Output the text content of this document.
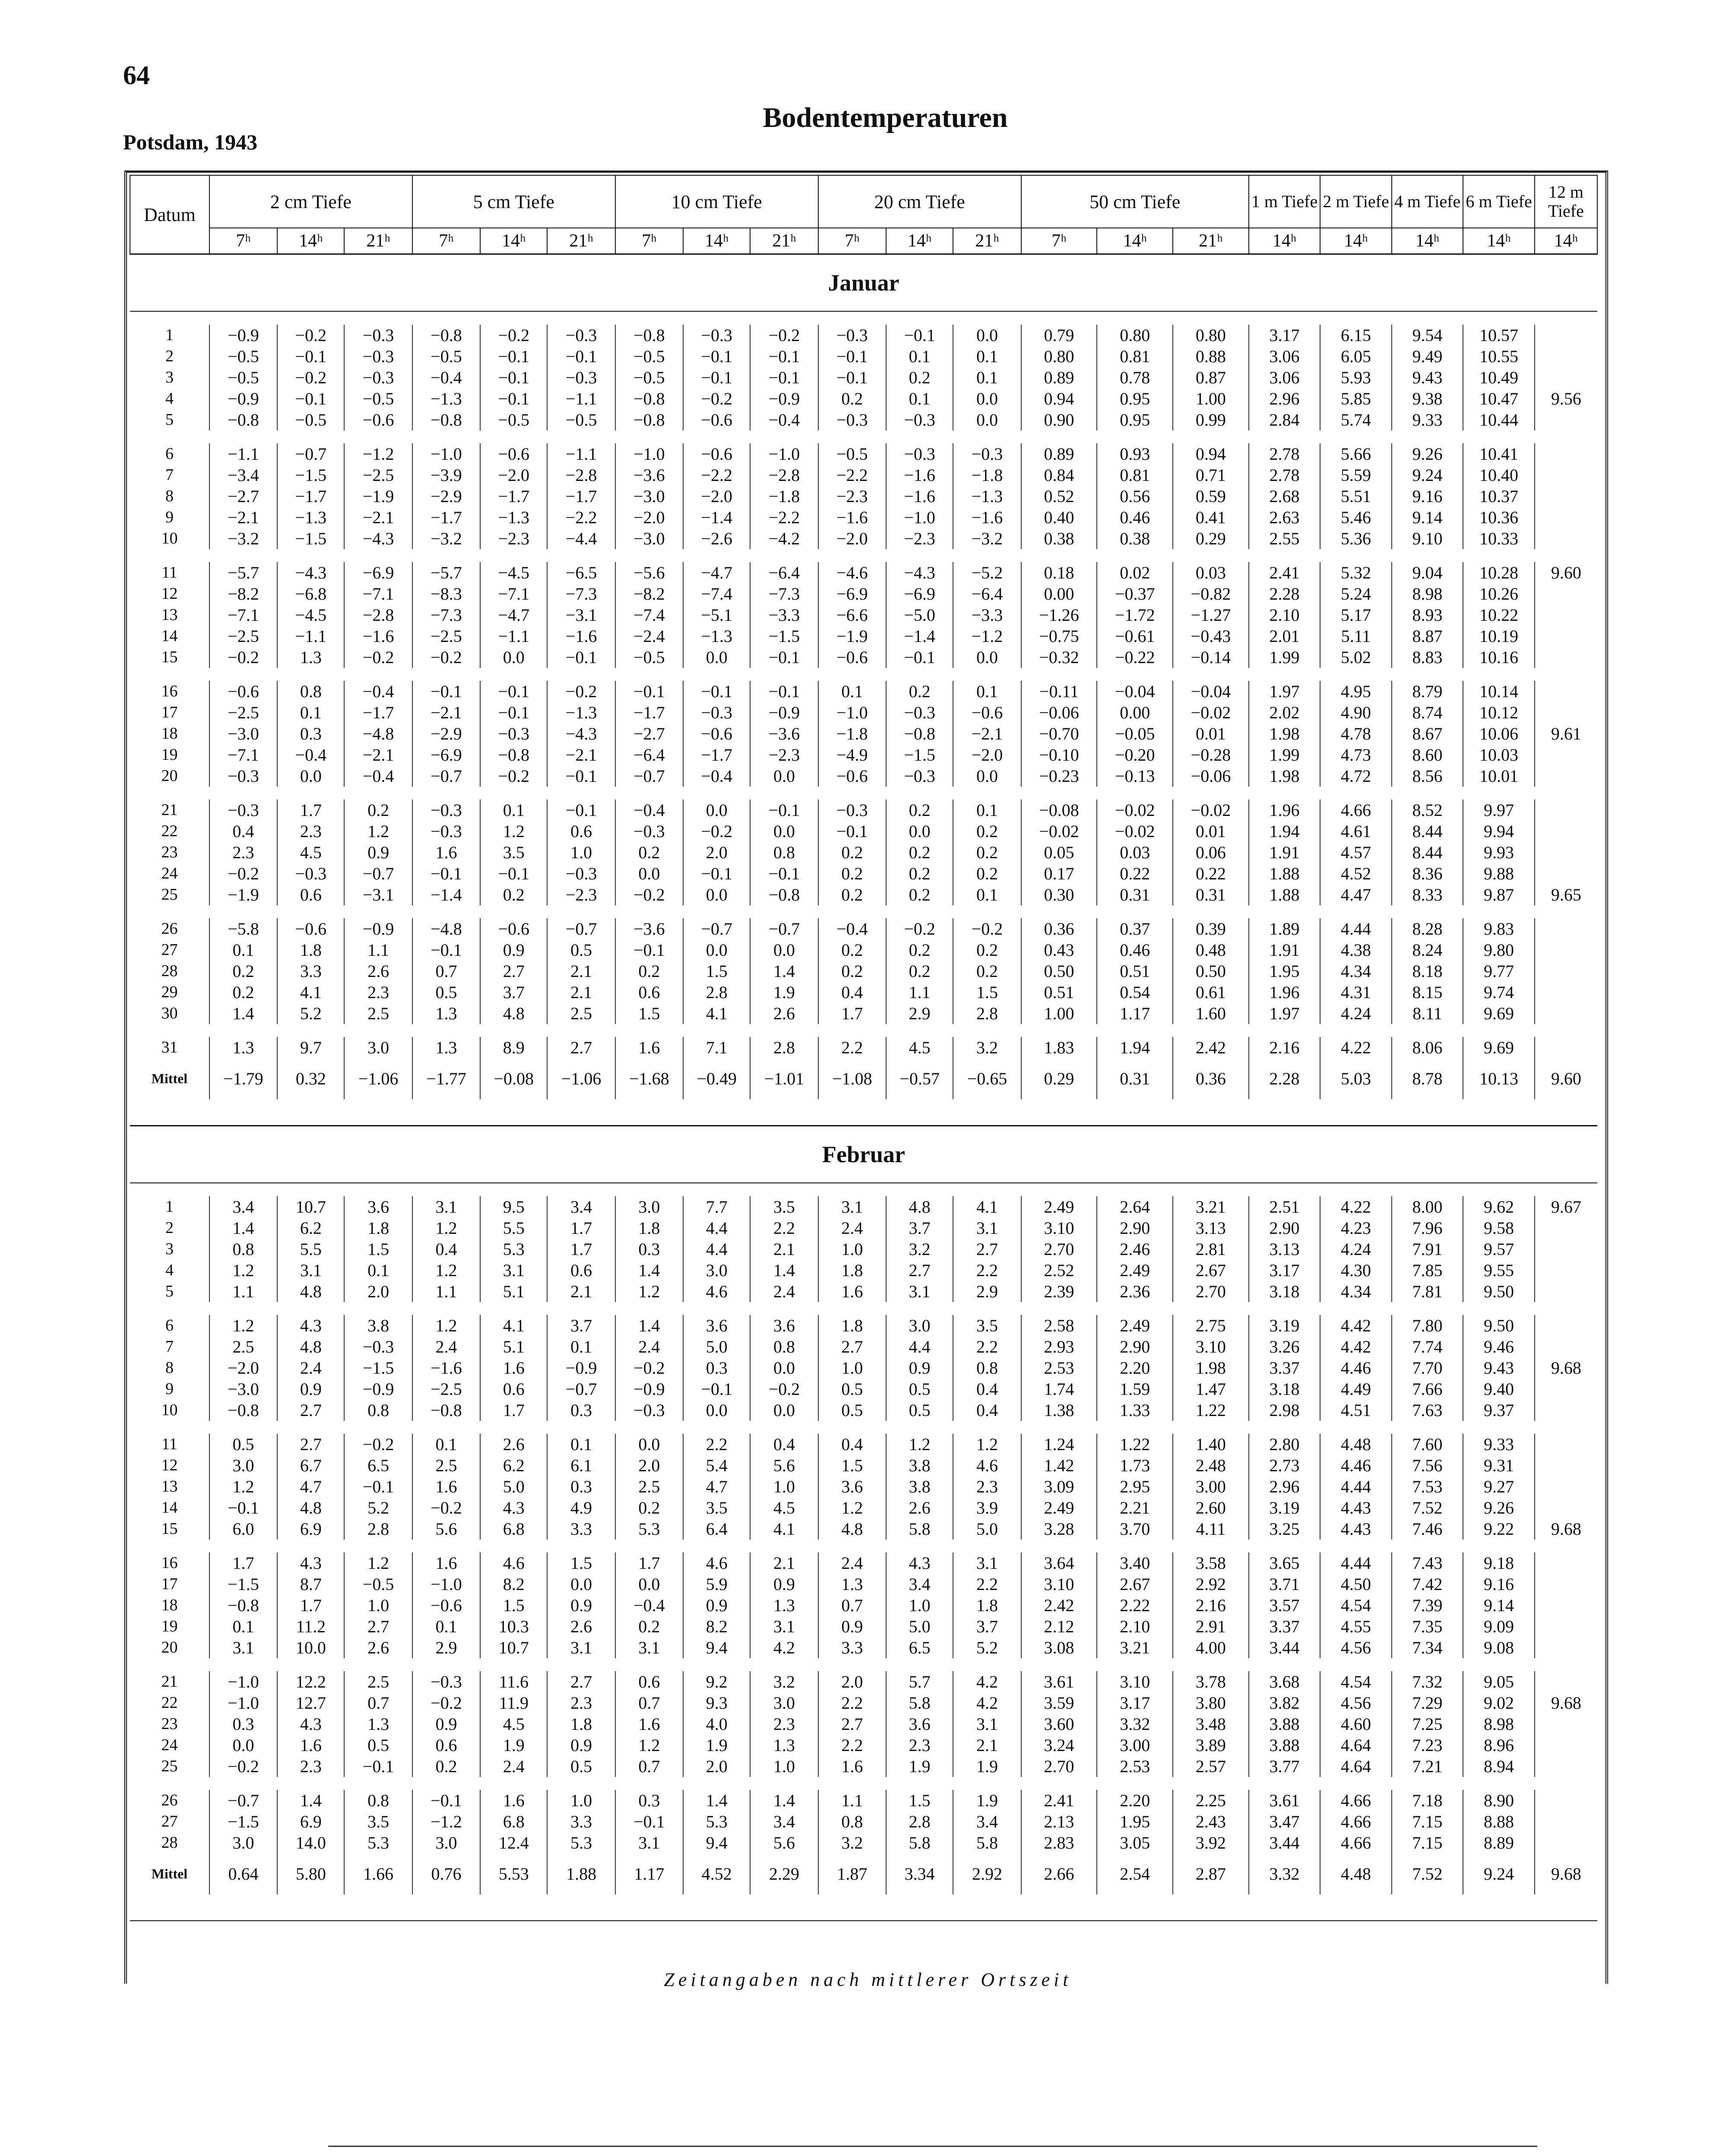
64
Bodentemperaturen
Potsdam, 1943
Datum	2 cm Tiefe			5 cm Tiefe			10 cm Tiefe			20 cm Tiefe			50 cm Tiefe			1 m Tiefe	2 m Tiefe	4 m Tiefe	6 m Tiefe	12 m Tiefe
	7ʰ	14ʰ	21ʰ	7ʰ	14ʰ	21ʰ	7ʰ	14ʰ	21ʰ	7ʰ	14ʰ	21ʰ	7ʰ	14ʰ	21ʰ	14ʰ	14ʰ	14ʰ	14ʰ	14ʰ
Januar																				

1	−0.9	−0.2	−0.3	−0.8	−0.2	−0.3	−0.8	−0.3	−0.2	−0.3	−0.1	0.0	0.79	0.80	0.80	3.17	6.15	9.54	10.57	
2	−0.5	−0.1	−0.3	−0.5	−0.1	−0.1	−0.5	−0.1	−0.1	−0.1	0.1	0.1	0.80	0.81	0.88	3.06	6.05	9.49	10.55	
3	−0.5	−0.2	−0.3	−0.4	−0.1	−0.3	−0.5	−0.1	−0.1	−0.1	0.2	0.1	0.89	0.78	0.87	3.06	5.93	9.43	10.49	
4	−0.9	−0.1	−0.5	−1.3	−0.1	−1.1	−0.8	−0.2	−0.9	0.2	0.1	0.0	0.94	0.95	1.00	2.96	5.85	9.38	10.47	9.56
5	−0.8	−0.5	−0.6	−0.8	−0.5	−0.5	−0.8	−0.6	−0.4	−0.3	−0.3	0.0	0.90	0.95	0.99	2.84	5.74	9.33	10.44	

6	−1.1	−0.7	−1.2	−1.0	−0.6	−1.1	−1.0	−0.6	−1.0	−0.5	−0.3	−0.3	0.89	0.93	0.94	2.78	5.66	9.26	10.41	
7	−3.4	−1.5	−2.5	−3.9	−2.0	−2.8	−3.6	−2.2	−2.8	−2.2	−1.6	−1.8	0.84	0.81	0.71	2.78	5.59	9.24	10.40	
8	−2.7	−1.7	−1.9	−2.9	−1.7	−1.7	−3.0	−2.0	−1.8	−2.3	−1.6	−1.3	0.52	0.56	0.59	2.68	5.51	9.16	10.37	
9	−2.1	−1.3	−2.1	−1.7	−1.3	−2.2	−2.0	−1.4	−2.2	−1.6	−1.0	−1.6	0.40	0.46	0.41	2.63	5.46	9.14	10.36	
10	−3.2	−1.5	−4.3	−3.2	−2.3	−4.4	−3.0	−2.6	−4.2	−2.0	−2.3	−3.2	0.38	0.38	0.29	2.55	5.36	9.10	10.33	

11	−5.7	−4.3	−6.9	−5.7	−4.5	−6.5	−5.6	−4.7	−6.4	−4.6	−4.3	−5.2	0.18	0.02	0.03	2.41	5.32	9.04	10.28	9.60
12	−8.2	−6.8	−7.1	−8.3	−7.1	−7.3	−8.2	−7.4	−7.3	−6.9	−6.9	−6.4	0.00	−0.37	−0.82	2.28	5.24	8.98	10.26	
13	−7.1	−4.5	−2.8	−7.3	−4.7	−3.1	−7.4	−5.1	−3.3	−6.6	−5.0	−3.3	−1.26	−1.72	−1.27	2.10	5.17	8.93	10.22	
14	−2.5	−1.1	−1.6	−2.5	−1.1	−1.6	−2.4	−1.3	−1.5	−1.9	−1.4	−1.2	−0.75	−0.61	−0.43	2.01	5.11	8.87	10.19	
15	−0.2	1.3	−0.2	−0.2	0.0	−0.1	−0.5	0.0	−0.1	−0.6	−0.1	0.0	−0.32	−0.22	−0.14	1.99	5.02	8.83	10.16	

16	−0.6	0.8	−0.4	−0.1	−0.1	−0.2	−0.1	−0.1	−0.1	0.1	0.2	0.1	−0.11	−0.04	−0.04	1.97	4.95	8.79	10.14	
17	−2.5	0.1	−1.7	−2.1	−0.1	−1.3	−1.7	−0.3	−0.9	−1.0	−0.3	−0.6	−0.06	0.00	−0.02	2.02	4.90	8.74	10.12	
18	−3.0	0.3	−4.8	−2.9	−0.3	−4.3	−2.7	−0.6	−3.6	−1.8	−0.8	−2.1	−0.70	−0.05	0.01	1.98	4.78	8.67	10.06	9.61
19	−7.1	−0.4	−2.1	−6.9	−0.8	−2.1	−6.4	−1.7	−2.3	−4.9	−1.5	−2.0	−0.10	−0.20	−0.28	1.99	4.73	8.60	10.03	
20	−0.3	0.0	−0.4	−0.7	−0.2	−0.1	−0.7	−0.4	0.0	−0.6	−0.3	0.0	−0.23	−0.13	−0.06	1.98	4.72	8.56	10.01	

21	−0.3	1.7	0.2	−0.3	0.1	−0.1	−0.4	0.0	−0.1	−0.3	0.2	0.1	−0.08	−0.02	−0.02	1.96	4.66	8.52	9.97	
22	0.4	2.3	1.2	−0.3	1.2	0.6	−0.3	−0.2	0.0	−0.1	0.0	0.2	−0.02	−0.02	0.01	1.94	4.61	8.44	9.94	
23	2.3	4.5	0.9	1.6	3.5	1.0	0.2	2.0	0.8	0.2	0.2	0.2	0.05	0.03	0.06	1.91	4.57	8.44	9.93	
24	−0.2	−0.3	−0.7	−0.1	−0.1	−0.3	0.0	−0.1	−0.1	0.2	0.2	0.2	0.17	0.22	0.22	1.88	4.52	8.36	9.88	
25	−1.9	0.6	−3.1	−1.4	0.2	−2.3	−0.2	0.0	−0.8	0.2	0.2	0.1	0.30	0.31	0.31	1.88	4.47	8.33	9.87	9.65

26	−5.8	−0.6	−0.9	−4.8	−0.6	−0.7	−3.6	−0.7	−0.7	−0.4	−0.2	−0.2	0.36	0.37	0.39	1.89	4.44	8.28	9.83	
27	0.1	1.8	1.1	−0.1	0.9	0.5	−0.1	0.0	0.0	0.2	0.2	0.2	0.43	0.46	0.48	1.91	4.38	8.24	9.80	
28	0.2	3.3	2.6	0.7	2.7	2.1	0.2	1.5	1.4	0.2	0.2	0.2	0.50	0.51	0.50	1.95	4.34	8.18	9.77	
29	0.2	4.1	2.3	0.5	3.7	2.1	0.6	2.8	1.9	0.4	1.1	1.5	0.51	0.54	0.61	1.96	4.31	8.15	9.74	
30	1.4	5.2	2.5	1.3	4.8	2.5	1.5	4.1	2.6	1.7	2.9	2.8	1.00	1.17	1.60	1.97	4.24	8.11	9.69	

31	1.3	9.7	3.0	1.3	8.9	2.7	1.6	7.1	2.8	2.2	4.5	3.2	1.83	1.94	2.42	2.16	4.22	8.06	9.69	
Mittel	−1.79	0.32	−1.06	−1.77	−0.08	−1.06	−1.68	−0.49	−1.01	−1.08	−0.57	−0.65	0.29	0.31	0.36	2.28	5.03	8.78	10.13	9.60

Februar																				

1	3.4	10.7	3.6	3.1	9.5	3.4	3.0	7.7	3.5	3.1	4.8	4.1	2.49	2.64	3.21	2.51	4.22	8.00	9.62	9.67
2	1.4	6.2	1.8	1.2	5.5	1.7	1.8	4.4	2.2	2.4	3.7	3.1	3.10	2.90	3.13	2.90	4.23	7.96	9.58	
3	0.8	5.5	1.5	0.4	5.3	1.7	0.3	4.4	2.1	1.0	3.2	2.7	2.70	2.46	2.81	3.13	4.24	7.91	9.57	
4	1.2	3.1	0.1	1.2	3.1	0.6	1.4	3.0	1.4	1.8	2.7	2.2	2.52	2.49	2.67	3.17	4.30	7.85	9.55	
5	1.1	4.8	2.0	1.1	5.1	2.1	1.2	4.6	2.4	1.6	3.1	2.9	2.39	2.36	2.70	3.18	4.34	7.81	9.50	

6	1.2	4.3	3.8	1.2	4.1	3.7	1.4	3.6	3.6	1.8	3.0	3.5	2.58	2.49	2.75	3.19	4.42	7.80	9.50	
7	2.5	4.8	−0.3	2.4	5.1	0.1	2.4	5.0	0.8	2.7	4.4	2.2	2.93	2.90	3.10	3.26	4.42	7.74	9.46	
8	−2.0	2.4	−1.5	−1.6	1.6	−0.9	−0.2	0.3	0.0	1.0	0.9	0.8	2.53	2.20	1.98	3.37	4.46	7.70	9.43	9.68
9	−3.0	0.9	−0.9	−2.5	0.6	−0.7	−0.9	−0.1	−0.2	0.5	0.5	0.4	1.74	1.59	1.47	3.18	4.49	7.66	9.40	
10	−0.8	2.7	0.8	−0.8	1.7	0.3	−0.3	0.0	0.0	0.5	0.5	0.4	1.38	1.33	1.22	2.98	4.51	7.63	9.37	

11	0.5	2.7	−0.2	0.1	2.6	0.1	0.0	2.2	0.4	0.4	1.2	1.2	1.24	1.22	1.40	2.80	4.48	7.60	9.33	
12	3.0	6.7	6.5	2.5	6.2	6.1	2.0	5.4	5.6	1.5	3.8	4.6	1.42	1.73	2.48	2.73	4.46	7.56	9.31	
13	1.2	4.7	−0.1	1.6	5.0	0.3	2.5	4.7	1.0	3.6	3.8	2.3	3.09	2.95	3.00	2.96	4.44	7.53	9.27	
14	−0.1	4.8	5.2	−0.2	4.3	4.9	0.2	3.5	4.5	1.2	2.6	3.9	2.49	2.21	2.60	3.19	4.43	7.52	9.26	
15	6.0	6.9	2.8	5.6	6.8	3.3	5.3	6.4	4.1	4.8	5.8	5.0	3.28	3.70	4.11	3.25	4.43	7.46	9.22	9.68

16	1.7	4.3	1.2	1.6	4.6	1.5	1.7	4.6	2.1	2.4	4.3	3.1	3.64	3.40	3.58	3.65	4.44	7.43	9.18	
17	−1.5	8.7	−0.5	−1.0	8.2	0.0	0.0	5.9	0.9	1.3	3.4	2.2	3.10	2.67	2.92	3.71	4.50	7.42	9.16	
18	−0.8	1.7	1.0	−0.6	1.5	0.9	−0.4	0.9	1.3	0.7	1.0	1.8	2.42	2.22	2.16	3.57	4.54	7.39	9.14	
19	0.1	11.2	2.7	0.1	10.3	2.6	0.2	8.2	3.1	0.9	5.0	3.7	2.12	2.10	2.91	3.37	4.55	7.35	9.09	
20	3.1	10.0	2.6	2.9	10.7	3.1	3.1	9.4	4.2	3.3	6.5	5.2	3.08	3.21	4.00	3.44	4.56	7.34	9.08	

21	−1.0	12.2	2.5	−0.3	11.6	2.7	0.6	9.2	3.2	2.0	5.7	4.2	3.61	3.10	3.78	3.68	4.54	7.32	9.05	
22	−1.0	12.7	0.7	−0.2	11.9	2.3	0.7	9.3	3.0	2.2	5.8	4.2	3.59	3.17	3.80	3.82	4.56	7.29	9.02	9.68
23	0.3	4.3	1.3	0.9	4.5	1.8	1.6	4.0	2.3	2.7	3.6	3.1	3.60	3.32	3.48	3.88	4.60	7.25	8.98	
24	0.0	1.6	0.5	0.6	1.9	0.9	1.2	1.9	1.3	2.2	2.3	2.1	3.24	3.00	3.89	3.88	4.64	7.23	8.96	
25	−0.2	2.3	−0.1	0.2	2.4	0.5	0.7	2.0	1.0	1.6	1.9	1.9	2.70	2.53	2.57	3.77	4.64	7.21	8.94	

26	−0.7	1.4	0.8	−0.1	1.6	1.0	0.3	1.4	1.4	1.1	1.5	1.9	2.41	2.20	2.25	3.61	4.66	7.18	8.90	
27	−1.5	6.9	3.5	−1.2	6.8	3.3	−0.1	5.3	3.4	0.8	2.8	3.4	2.13	1.95	2.43	3.47	4.66	7.15	8.88	
28	3.0	14.0	5.3	3.0	12.4	5.3	3.1	9.4	5.6	3.2	5.8	5.8	2.83	3.05	3.92	3.44	4.66	7.15	8.89	
Mittel	0.64	5.80	1.66	0.76	5.53	1.88	1.17	4.52	2.29	1.87	3.34	2.92	2.66	2.54	2.87	3.32	4.48	7.52	9.24	9.68

Zeitangaben nach mittlerer Ortszeit
